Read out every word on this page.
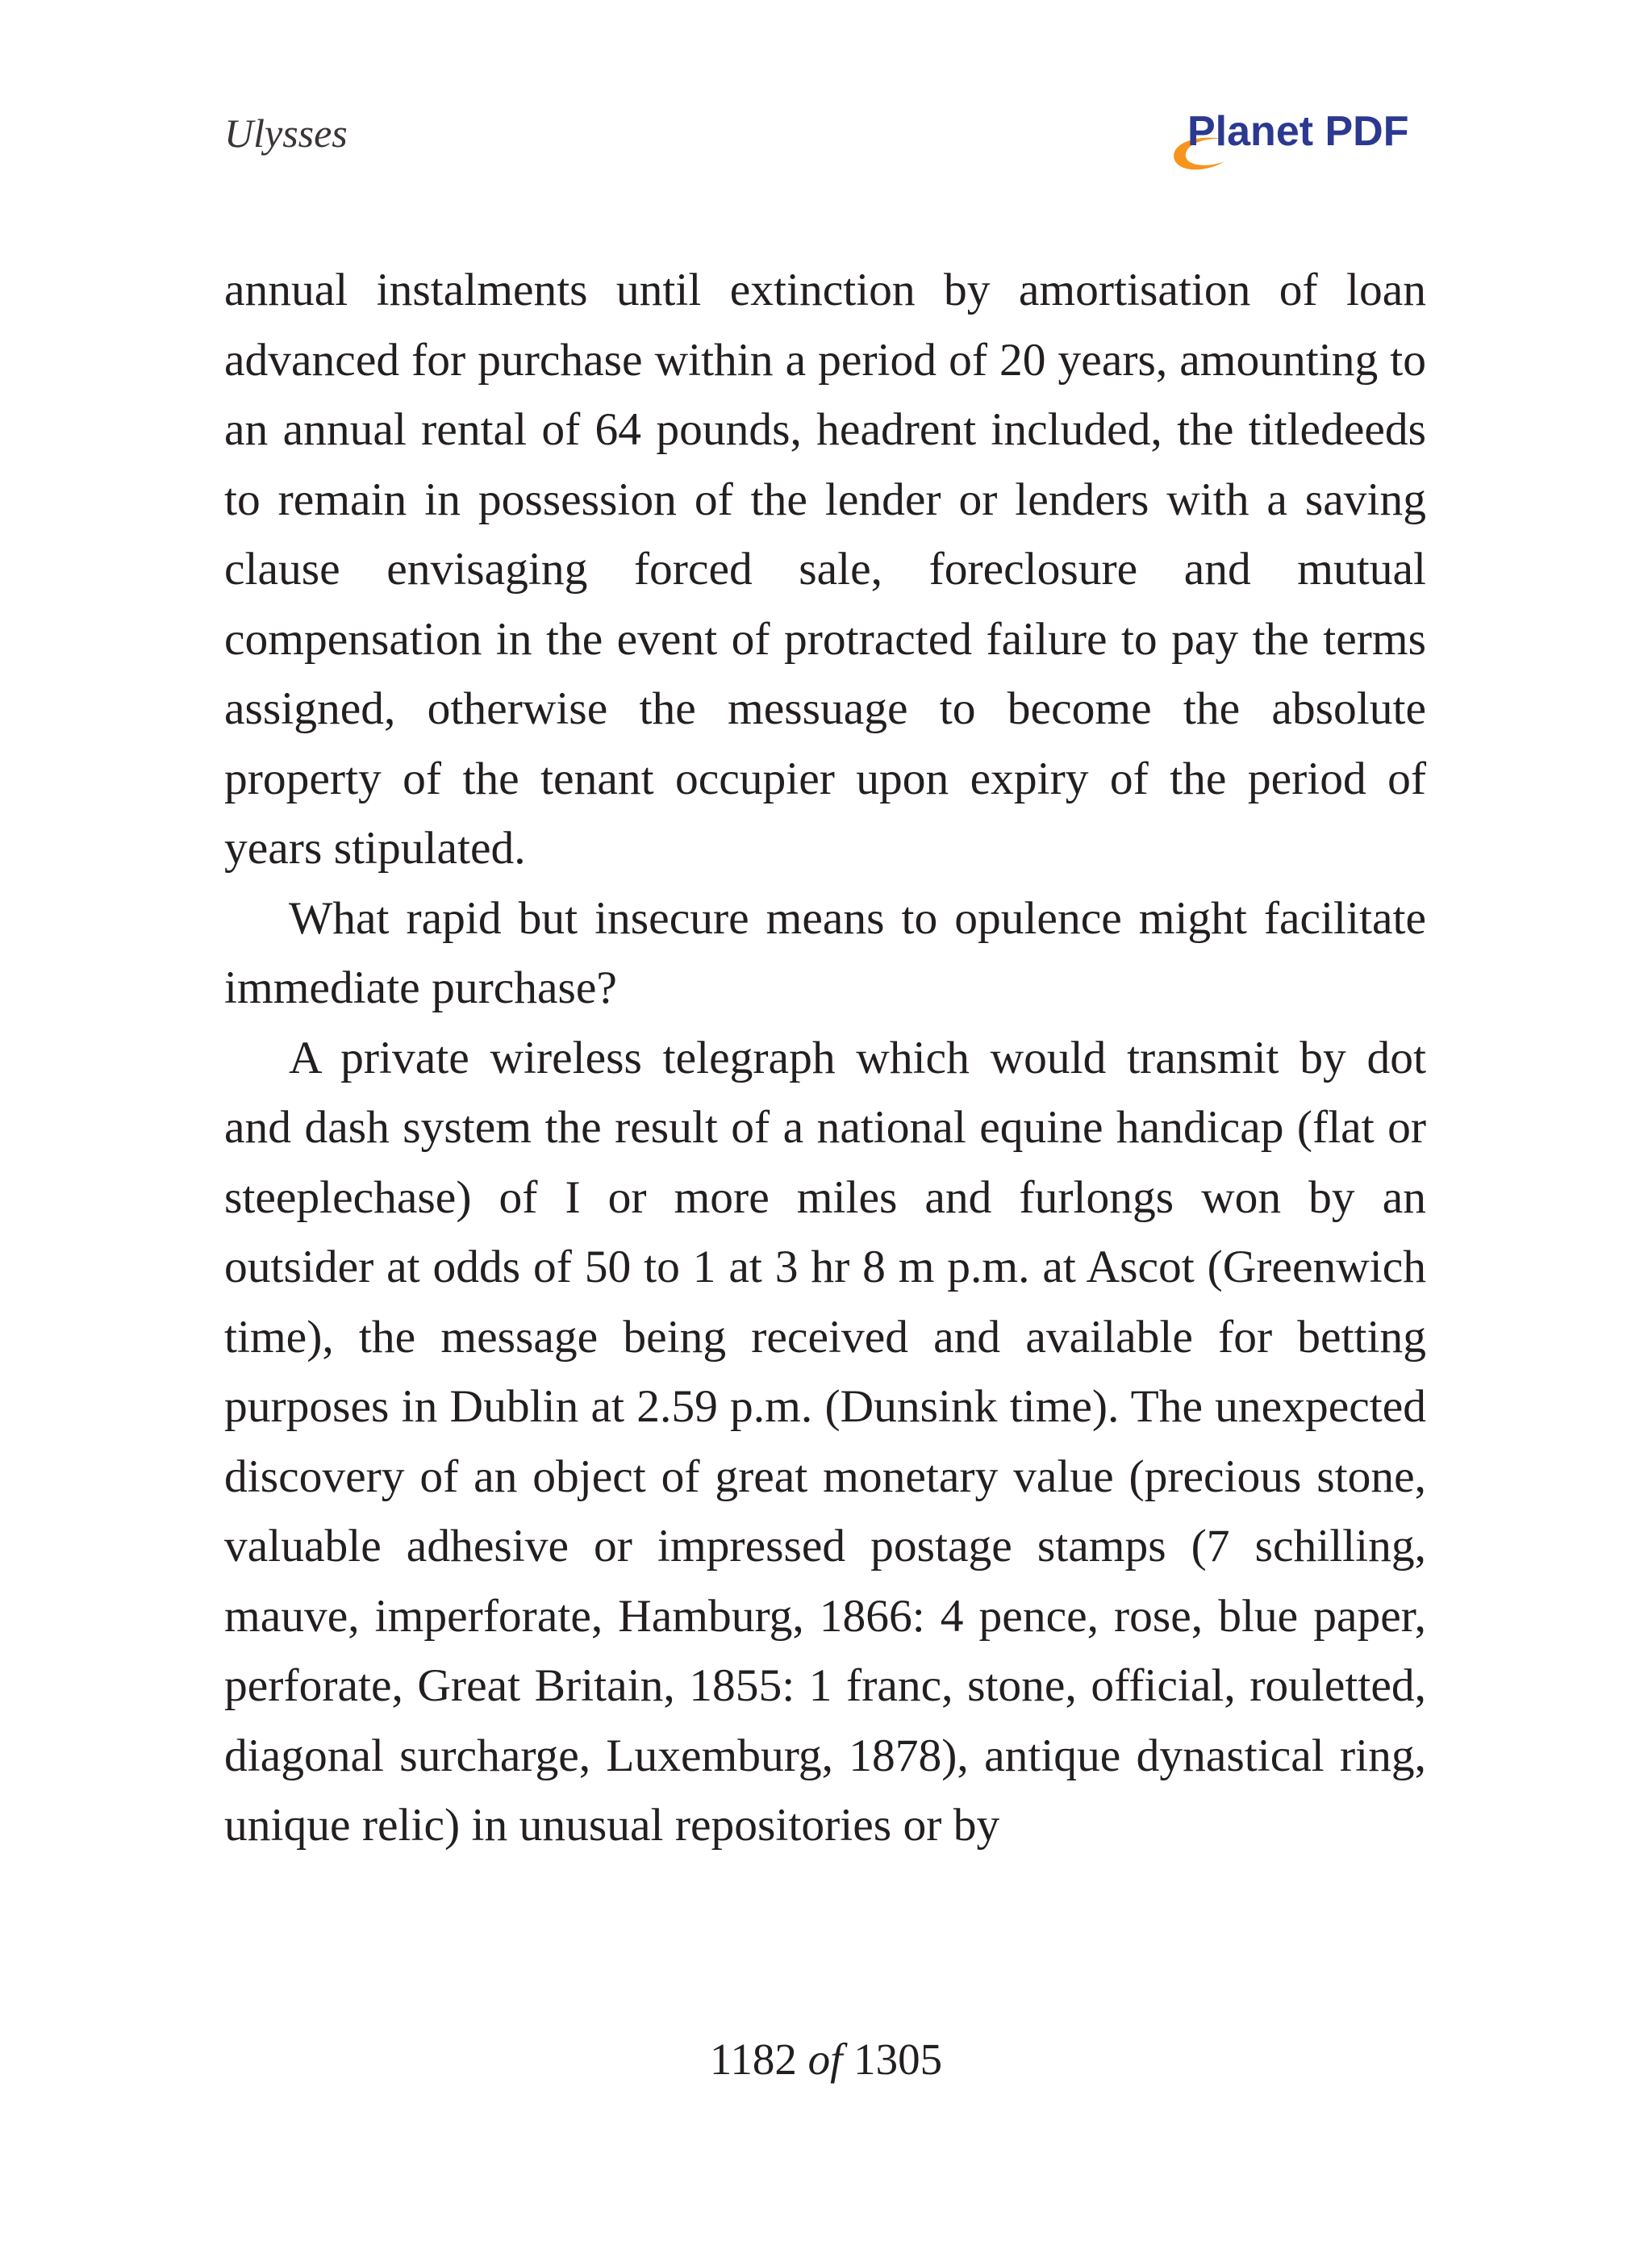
Ulysses	Planet PDF

annual instalments until extinction by amortisation of loan advanced for purchase within a period of 20 years, amounting to an annual rental of 64 pounds, headrent included, the titledeeds to remain in possession of the lender or lenders with a saving clause envisaging forced sale, foreclosure and mutual compensation in the event of protracted failure to pay the terms assigned, otherwise the messuage to become the absolute property of the tenant occupier upon expiry of the period of years stipulated.

What rapid but insecure means to opulence might facilitate immediate purchase?

A private wireless telegraph which would transmit by dot and dash system the result of a national equine handicap (flat or steeplechase) of I or more miles and furlongs won by an outsider at odds of 50 to 1 at 3 hr 8 m p.m. at Ascot (Greenwich time), the message being received and available for betting purposes in Dublin at 2.59 p.m. (Dunsink time). The unexpected discovery of an object of great monetary value (precious stone, valuable adhesive or impressed postage stamps (7 schilling, mauve, imperforate, Hamburg, 1866: 4 pence, rose, blue paper, perforate, Great Britain, 1855: 1 franc, stone, official, rouletted, diagonal surcharge, Luxemburg, 1878), antique dynastical ring, unique relic) in unusual repositories or by

1182 of 1305
